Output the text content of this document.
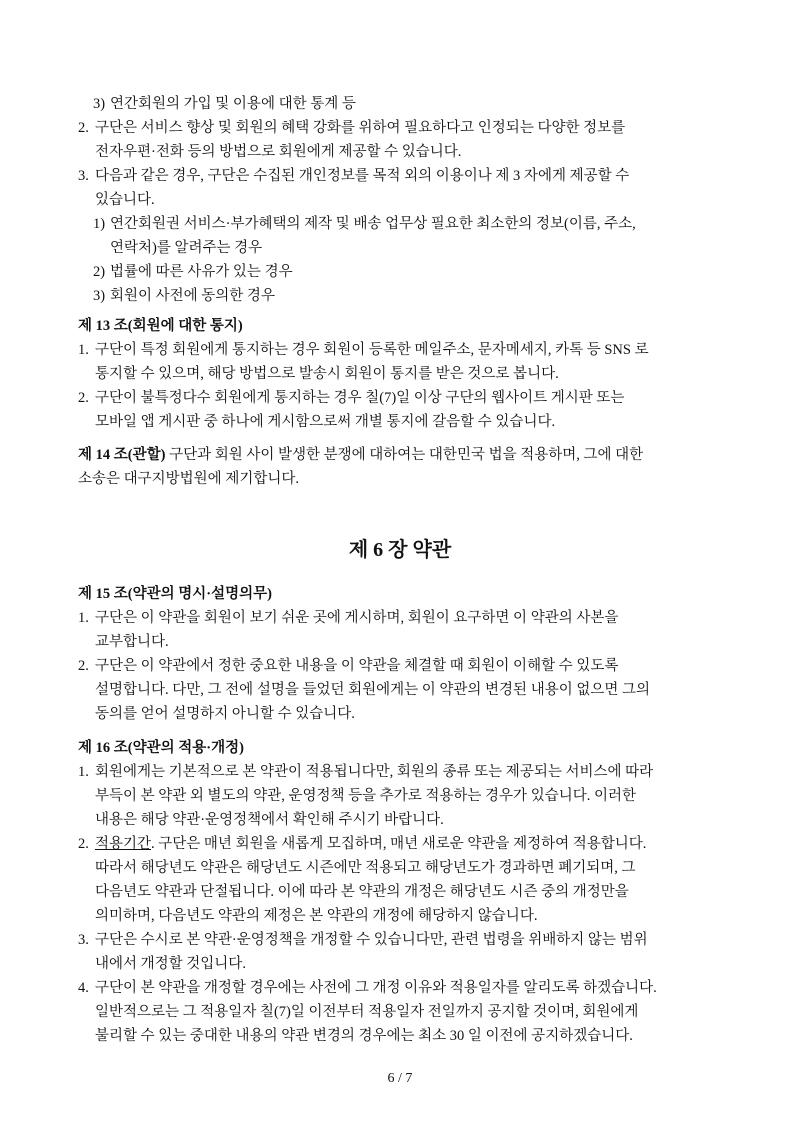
3) 연간회원의 가입 및 이용에 대한 통계 등
2. 구단은 서비스 향상 및 회원의 혜택 강화를 위하여 필요하다고 인정되는 다양한 정보를
전자우편·전화 등의 방법으로 회원에게 제공할 수 있습니다.
3. 다음과 같은 경우, 구단은 수집된 개인정보를 목적 외의 이용이나 제 3 자에게 제공할 수
있습니다.
1) 연간회원권 서비스·부가혜택의 제작 및 배송 업무상 필요한 최소한의 정보(이름, 주소,
연락처)를 알려주는 경우
2) 법률에 따른 사유가 있는 경우
3) 회원이 사전에 동의한 경우
제 13 조(회원에 대한 통지)
1. 구단이 특정 회원에게 통지하는 경우 회원이 등록한 메일주소, 문자메세지, 카톡 등 SNS 로
통지할 수 있으며, 해당 방법으로 발송시 회원이 통지를 받은 것으로 봅니다.
2. 구단이 불특정다수 회원에게 통지하는 경우 칠(7)일 이상 구단의 웹사이트 게시판 또는
모바일 앱 게시판 중 하나에 게시함으로써 개별 통지에 갈음할 수 있습니다.
제 14 조(관할) 구단과 회원 사이 발생한 분쟁에 대하여는 대한민국 법을 적용하며, 그에 대한
소송은 대구지방법원에 제기합니다.
제 6 장 약관
제 15 조(약관의 명시·설명의무)
1. 구단은 이 약관을 회원이 보기 쉬운 곳에 게시하며, 회원이 요구하면 이 약관의 사본을
교부합니다.
2. 구단은 이 약관에서 정한 중요한 내용을 이 약관을 체결할 때 회원이 이해할 수 있도록
설명합니다. 다만, 그 전에 설명을 들었던 회원에게는 이 약관의 변경된 내용이 없으면 그의
동의를 얻어 설명하지 아니할 수 있습니다.
제 16 조(약관의 적용·개정)
1. 회원에게는 기본적으로 본 약관이 적용됩니다만, 회원의 종류 또는 제공되는 서비스에 따라
부득이 본 약관 외 별도의 약관, 운영정책 등을 추가로 적용하는 경우가 있습니다. 이러한
내용은 해당 약관·운영정책에서 확인해 주시기 바랍니다.
2. 적용기간. 구단은 매년 회원을 새롭게 모집하며, 매년 새로운 약관을 제정하여 적용합니다.
따라서 해당년도 약관은 해당년도 시즌에만 적용되고 해당년도가 경과하면 폐기되며, 그
다음년도 약관과 단절됩니다. 이에 따라 본 약관의 개정은 해당년도 시즌 중의 개정만을
의미하며, 다음년도 약관의 제정은 본 약관의 개정에 해당하지 않습니다.
3. 구단은 수시로 본 약관·운영정책을 개정할 수 있습니다만, 관련 법령을 위배하지 않는 범위
내에서 개정할 것입니다.
4. 구단이 본 약관을 개정할 경우에는 사전에 그 개정 이유와 적용일자를 알리도록 하겠습니다.
일반적으로는 그 적용일자 칠(7)일 이전부터 적용일자 전일까지 공지할 것이며, 회원에게
불리할 수 있는 중대한 내용의 약관 변경의 경우에는 최소 30 일 이전에 공지하겠습니다.
6 / 7
